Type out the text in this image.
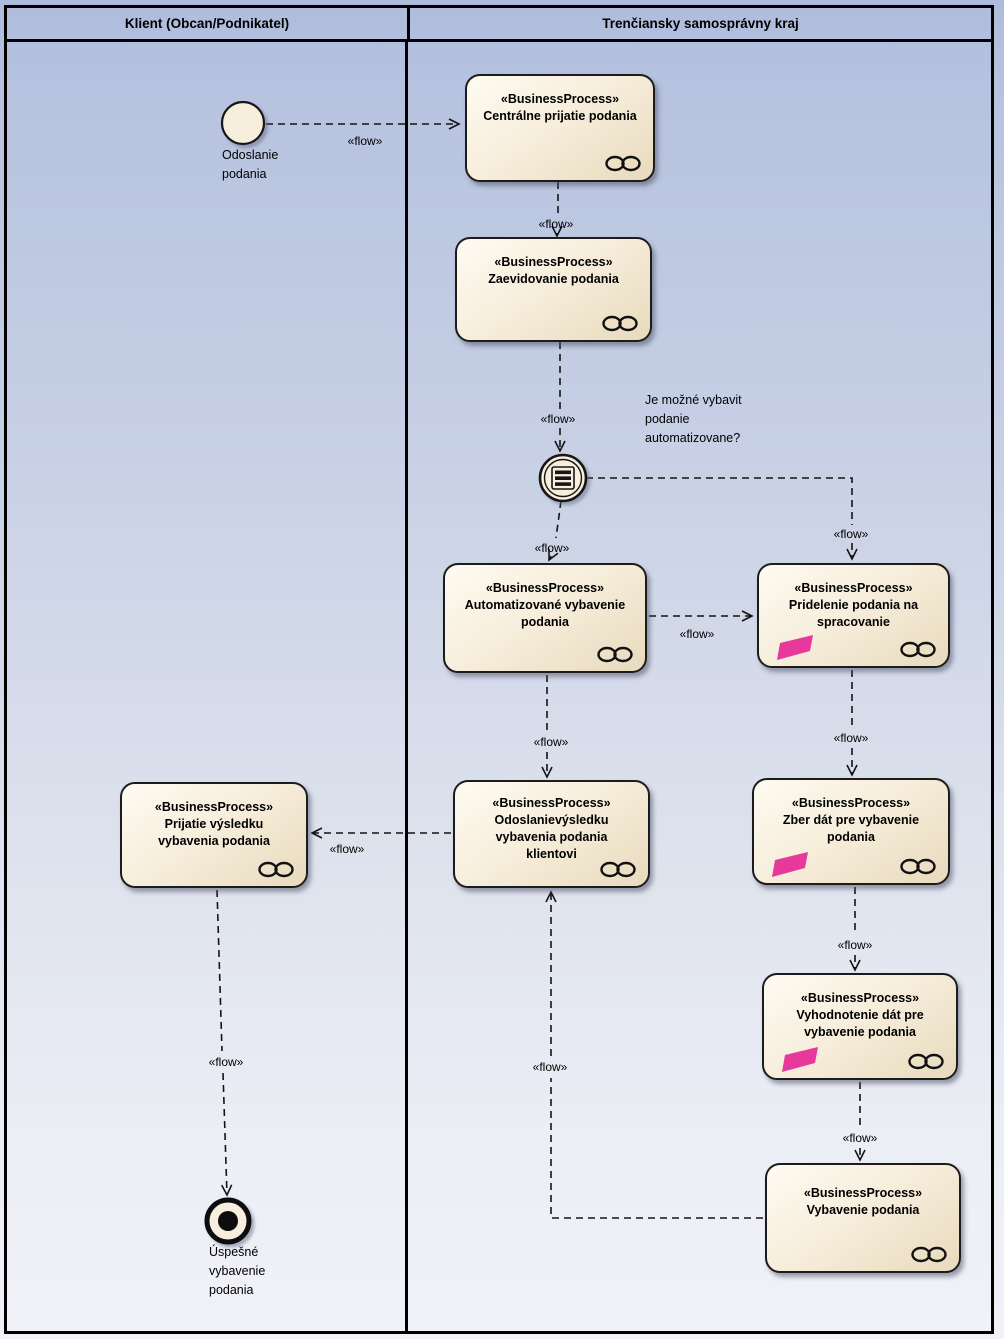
Klient (Obcan/Podnikatel)	Trenčiansky samosprávny kraj
«BusinessProcess»
Centrálne prijatie podania
«BusinessProcess»
Zaevidovanie podania
«BusinessProcess»
Automatizované vybavenie podania
«BusinessProcess»
Pridelenie podania na spracovanie
«BusinessProcess»
Odoslanievýsledku vybavenia podania klientovi
«BusinessProcess»
Prijatie výsledku vybavenia podania
«BusinessProcess»
Zber dát pre vybavenie podania
«BusinessProcess»
Vyhodnotenie dát pre vybavenie podania
«BusinessProcess»
Vybavenie podania
Odoslanie podania
Úspešné vybavenie podania
Je možné vybavit podanie automatizovane?
«flow»
«flow»
«flow»
«flow»
«flow»
«flow»
«flow»	«flow»
«flow»
«flow»
«flow»
«flow»
«flow»
